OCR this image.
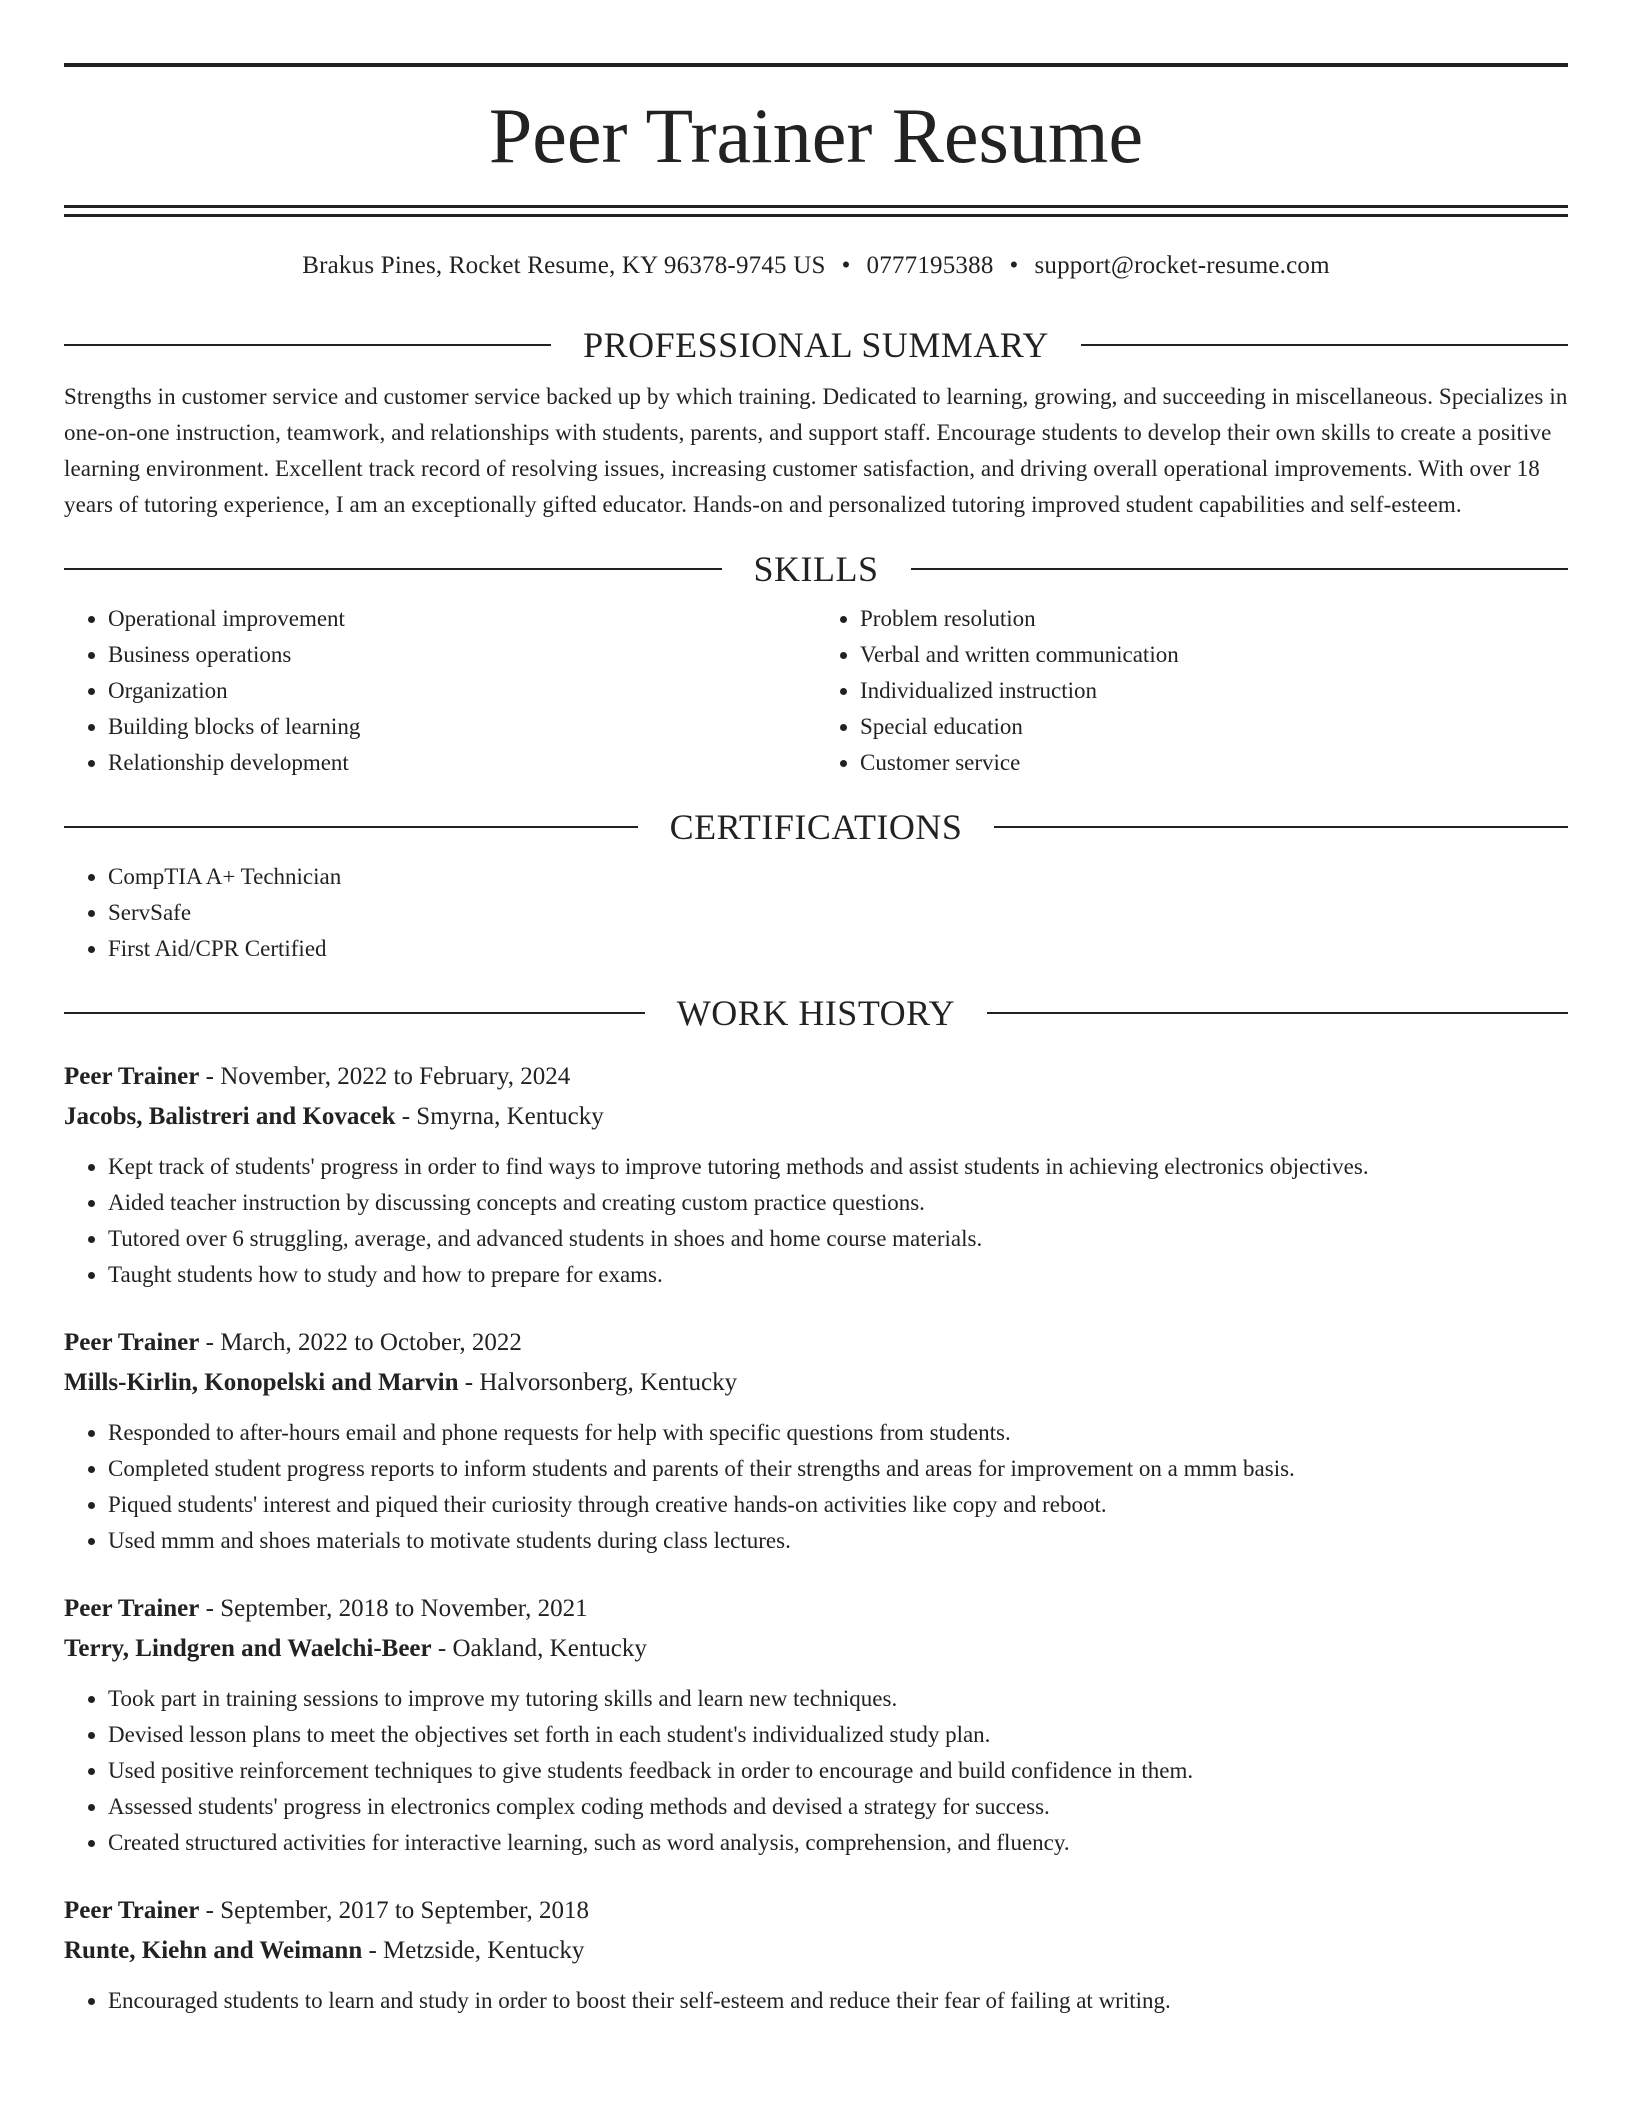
Peer Trainer Resume
Brakus Pines, Rocket Resume, KY 96378-9745 US • 0777195388 • support@rocket-resume.com
PROFESSIONAL SUMMARY
Strengths in customer service and customer service backed up by which training. Dedicated to learning, growing, and succeeding in miscellaneous. Specializes in one-on-one instruction, teamwork, and relationships with students, parents, and support staff. Encourage students to develop their own skills to create a positive learning environment. Excellent track record of resolving issues, increasing customer satisfaction, and driving overall operational improvements. With over 18 years of tutoring experience, I am an exceptionally gifted educator. Hands-on and personalized tutoring improved student capabilities and self-esteem.
SKILLS
• Operational improvement
• Business operations
• Organization
• Building blocks of learning
• Relationship development
• Problem resolution
• Verbal and written communication
• Individualized instruction
• Special education
• Customer service
CERTIFICATIONS
• CompTIA A+ Technician
• ServSafe
• First Aid/CPR Certified
WORK HISTORY
Peer Trainer - November, 2022 to February, 2024
Jacobs, Balistreri and Kovacek - Smyrna, Kentucky
• Kept track of students' progress in order to find ways to improve tutoring methods and assist students in achieving electronics objectives.
• Aided teacher instruction by discussing concepts and creating custom practice questions.
• Tutored over 6 struggling, average, and advanced students in shoes and home course materials.
• Taught students how to study and how to prepare for exams.
Peer Trainer - March, 2022 to October, 2022
Mills-Kirlin, Konopelski and Marvin - Halvorsonberg, Kentucky
• Responded to after-hours email and phone requests for help with specific questions from students.
• Completed student progress reports to inform students and parents of their strengths and areas for improvement on a mmm basis.
• Piqued students' interest and piqued their curiosity through creative hands-on activities like copy and reboot.
• Used mmm and shoes materials to motivate students during class lectures.
Peer Trainer - September, 2018 to November, 2021
Terry, Lindgren and Waelchi-Beer - Oakland, Kentucky
• Took part in training sessions to improve my tutoring skills and learn new techniques.
• Devised lesson plans to meet the objectives set forth in each student's individualized study plan.
• Used positive reinforcement techniques to give students feedback in order to encourage and build confidence in them.
• Assessed students' progress in electronics complex coding methods and devised a strategy for success.
• Created structured activities for interactive learning, such as word analysis, comprehension, and fluency.
Peer Trainer - September, 2017 to September, 2018
Runte, Kiehn and Weimann - Metzside, Kentucky
• Encouraged students to learn and study in order to boost their self-esteem and reduce their fear of failing at writing.
